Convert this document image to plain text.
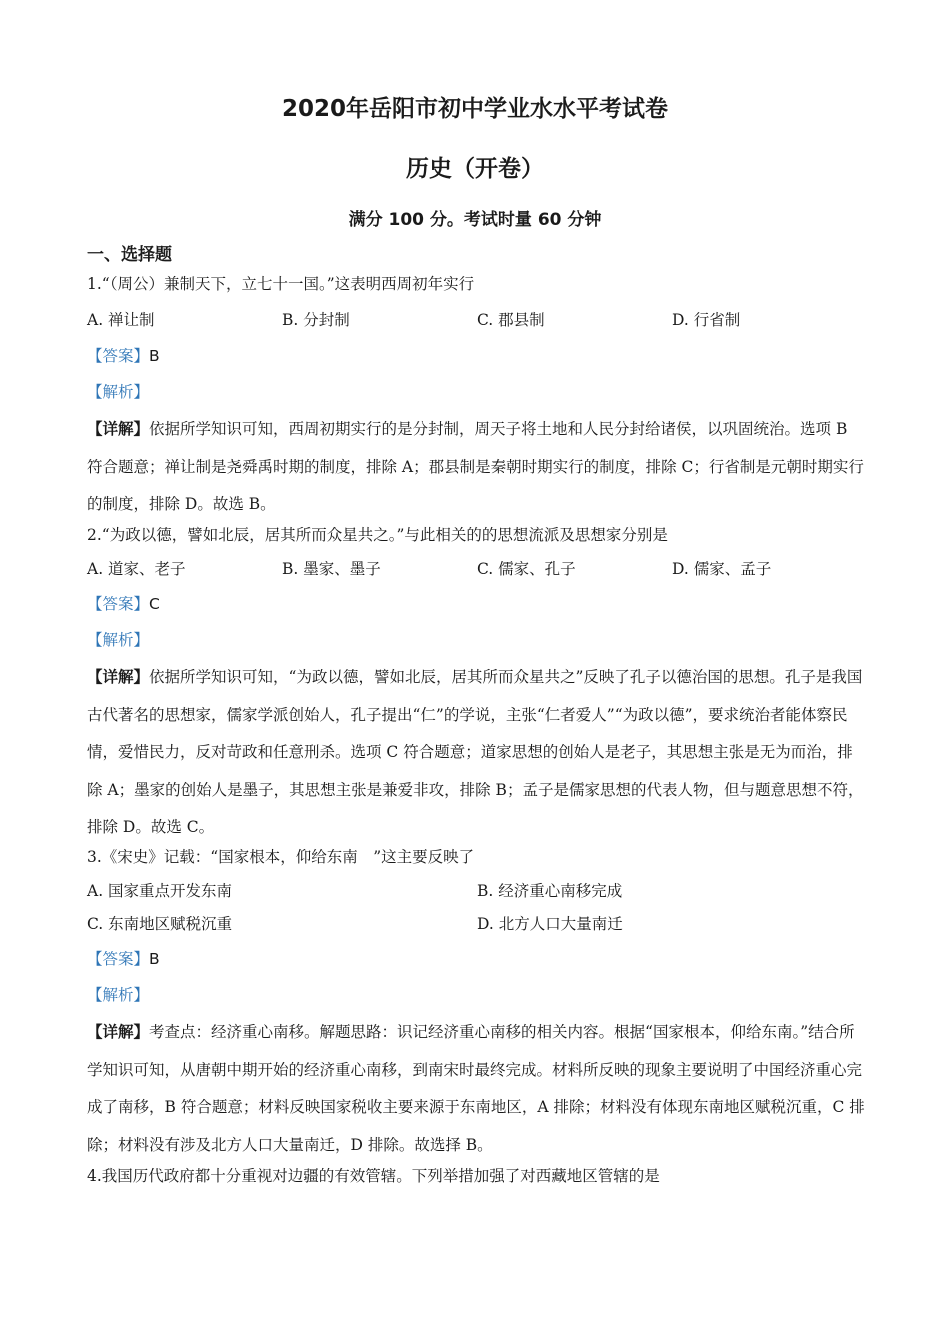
2020年岳阳市初中学业水水平考试卷
历史（开卷）
满分 100 分。考试时量 60 分钟
一、选择题
1.“（周公）兼制天下，立七十一国。”这表明西周初年实行
A. 禅让制	B. 分封制	C. 郡县制	D. 行省制
【答案】B
【解析】
【详解】依据所学知识可知，西周初期实行的是分封制，周天子将土地和人民分封给诸侯，以巩固统治。选项 B 符合题意；禅让制是尧舜禹时期的制度，排除 A；郡县制是秦朝时期实行的制度，排除 C；行省制是元朝时期实行的制度，排除 D。故选 B。
2.“为政以德，譬如北辰，居其所而众星共之。”与此相关的的思想流派及思想家分别是
A. 道家、老子	B. 墨家、墨子	C. 儒家、孔子	D. 儒家、孟子
【答案】C
【解析】
【详解】依据所学知识可知，“为政以德，譬如北辰，居其所而众星共之”反映了孔子以德治国的思想。孔子是我国古代著名的思想家，儒家学派创始人，孔子提出“仁”的学说，主张“仁者爱人”“为政以德”，要求统治者能体察民情，爱惜民力，反对苛政和任意刑杀。选项 C 符合题意；道家思想的创始人是老子，其思想主张是无为而治，排除 A；墨家的创始人是墨子，其思想主张是兼爱非攻，排除 B；孟子是儒家思想的代表人物，但与题意思想不符，排除 D。故选 C。
3.《宋史》记载：“国家根本，仰给东南　”这主要反映了
A. 国家重点开发东南	B. 经济重心南移完成
C. 东南地区赋税沉重	D. 北方人口大量南迁
【答案】B
【解析】
【详解】考查点：经济重心南移。解题思路：识记经济重心南移的相关内容。根据“国家根本，仰给东南。”结合所学知识可知，从唐朝中期开始的经济重心南移，到南宋时最终完成。材料所反映的现象主要说明了中国经济重心完成了南移，B 符合题意；材料反映国家税收主要来源于东南地区，A 排除；材料没有体现东南地区赋税沉重，C 排除；材料没有涉及北方人口大量南迁，D 排除。故选择 B。
4.我国历代政府都十分重视对边疆的有效管辖。下列举措加强了对西藏地区管辖的是
